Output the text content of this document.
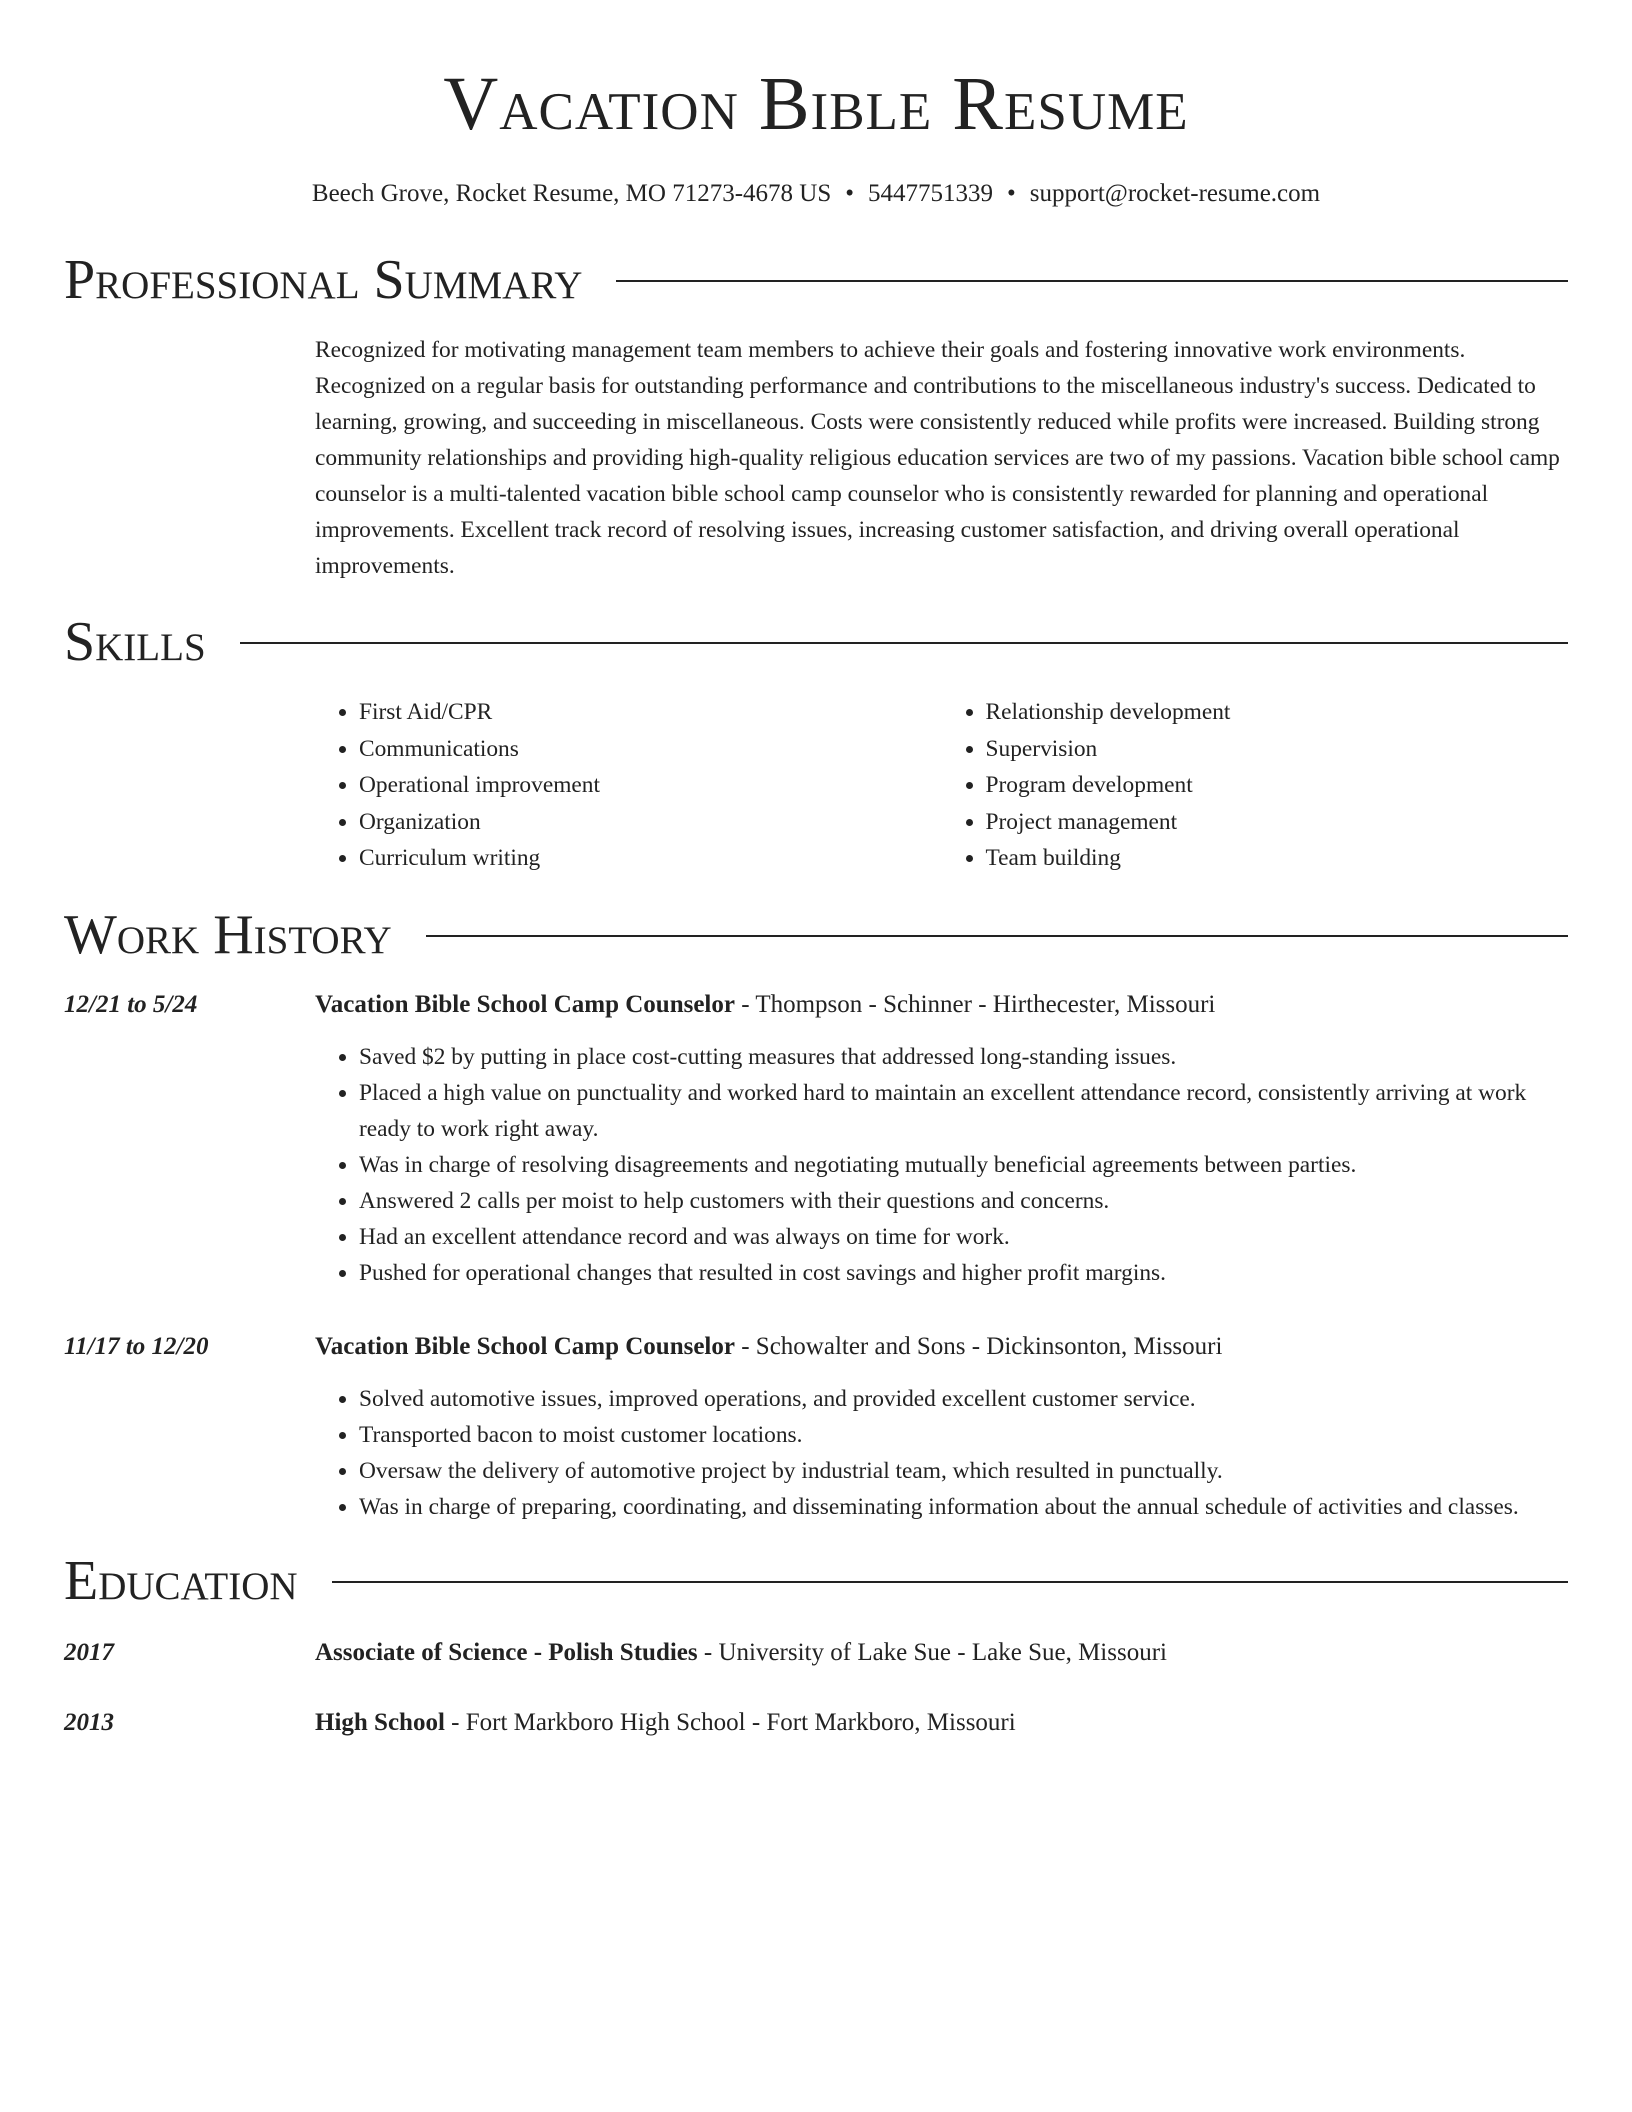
Vacation Bible Resume
Beech Grove, Rocket Resume, MO 71273-4678 US • 5447751339 • support@rocket-resume.com
Professional Summary
Recognized for motivating management team members to achieve their goals and fostering innovative work environments. Recognized on a regular basis for outstanding performance and contributions to the miscellaneous industry's success. Dedicated to learning, growing, and succeeding in miscellaneous. Costs were consistently reduced while profits were increased. Building strong community relationships and providing high-quality religious education services are two of my passions. Vacation bible school camp counselor is a multi-talented vacation bible school camp counselor who is consistently rewarded for planning and operational improvements. Excellent track record of resolving issues, increasing customer satisfaction, and driving overall operational improvements.
Skills
• First Aid/CPR
• Communications
• Operational improvement
• Organization
• Curriculum writing
• Relationship development
• Supervision
• Program development
• Project management
• Team building
Work History
12/21 to 5/24	Vacation Bible School Camp Counselor - Thompson - Schinner - Hirthecester, Missouri
• Saved $2 by putting in place cost-cutting measures that addressed long-standing issues.
• Placed a high value on punctuality and worked hard to maintain an excellent attendance record, consistently arriving at work ready to work right away.
• Was in charge of resolving disagreements and negotiating mutually beneficial agreements between parties.
• Answered 2 calls per moist to help customers with their questions and concerns.
• Had an excellent attendance record and was always on time for work.
• Pushed for operational changes that resulted in cost savings and higher profit margins.
11/17 to 12/20	Vacation Bible School Camp Counselor - Schowalter and Sons - Dickinsonton, Missouri
• Solved automotive issues, improved operations, and provided excellent customer service.
• Transported bacon to moist customer locations.
• Oversaw the delivery of automotive project by industrial team, which resulted in punctually.
• Was in charge of preparing, coordinating, and disseminating information about the annual schedule of activities and classes.
Education
2017	Associate of Science - Polish Studies - University of Lake Sue - Lake Sue, Missouri
2013	High School - Fort Markboro High School - Fort Markboro, Missouri
